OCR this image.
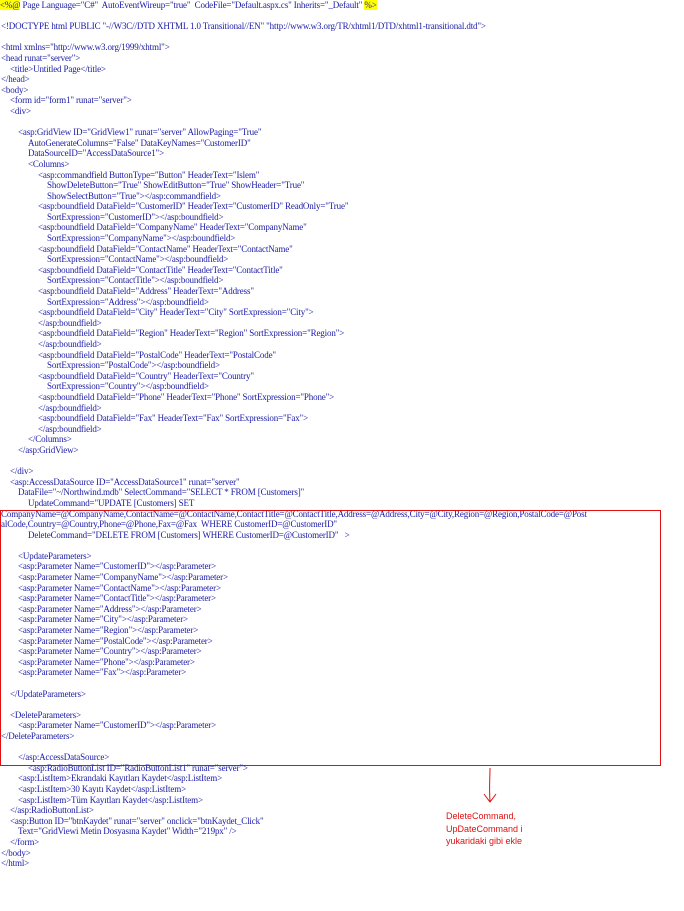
<%@ Page Language="C#"  AutoEventWireup="true"  CodeFile="Default.aspx.cs" Inherits="_Default" %>
<!DOCTYPE html PUBLIC "-//W3C//DTD XHTML 1.0 Transitional//EN" "http://www.w3.org/TR/xhtml1/DTD/xhtml1-transitional.dtd">
<html xmlns="http://www.w3.org/1999/xhtml">
<head runat="server">
<title>Untitled Page</title>
</head>
<body>
<form id="form1" runat="server">
<div>
<asp:GridView ID="GridView1" runat="server" AllowPaging="True"
AutoGenerateColumns="False" DataKeyNames="CustomerID"
DataSourceID="AccessDataSource1">
<Columns>
<asp:commandfield ButtonType="Button" HeaderText="Islem"
ShowDeleteButton="True" ShowEditButton="True" ShowHeader="True"
ShowSelectButton="True"></asp:commandfield>
<asp:boundfield DataField="CustomerID" HeaderText="CustomerID" ReadOnly="True"
SortExpression="CustomerID"></asp:boundfield>
<asp:boundfield DataField="CompanyName" HeaderText="CompanyName"
SortExpression="CompanyName"></asp:boundfield>
<asp:boundfield DataField="ContactName" HeaderText="ContactName"
SortExpression="ContactName"></asp:boundfield>
<asp:boundfield DataField="ContactTitle" HeaderText="ContactTitle"
SortExpression="ContactTitle"></asp:boundfield>
<asp:boundfield DataField="Address" HeaderText="Address"
SortExpression="Address"></asp:boundfield>
<asp:boundfield DataField="City" HeaderText="City" SortExpression="City">
</asp:boundfield>
<asp:boundfield DataField="Region" HeaderText="Region" SortExpression="Region">
</asp:boundfield>
<asp:boundfield DataField="PostalCode" HeaderText="PostalCode"
SortExpression="PostalCode"></asp:boundfield>
<asp:boundfield DataField="Country" HeaderText="Country"
SortExpression="Country"></asp:boundfield>
<asp:boundfield DataField="Phone" HeaderText="Phone" SortExpression="Phone">
</asp:boundfield>
<asp:boundfield DataField="Fax" HeaderText="Fax" SortExpression="Fax">
</asp:boundfield>
</Columns>
</asp:GridView>
</div>
<asp:AccessDataSource ID="AccessDataSource1" runat="server"
DataFile="~/Northwind.mdb" SelectCommand="SELECT * FROM [Customers]"
UpdateCommand="UPDATE [Customers] SET
CompanyName=@CompanyName,ContactName=@ContactName,ContactTitle=@ContactTitle,Address=@Address,City=@City,Region=@Region,PostalCode=@Post
alCode,Country=@Country,Phone=@Phone,Fax=@Fax  WHERE CustomerID=@CustomerID"
DeleteCommand="DELETE FROM [Customers] WHERE CustomerID=@CustomerID"   >
<UpdateParameters>
<asp:Parameter Name="CustomerID"></asp:Parameter>
<asp:Parameter Name="CompanyName"></asp:Parameter>
<asp:Parameter Name="ContactName"></asp:Parameter>
<asp:Parameter Name="ContactTitle"></asp:Parameter>
<asp:Parameter Name="Address"></asp:Parameter>
<asp:Parameter Name="City"></asp:Parameter>
<asp:Parameter Name="Region"></asp:Parameter>
<asp:Parameter Name="PostalCode"></asp:Parameter>
<asp:Parameter Name="Country"></asp:Parameter>
<asp:Parameter Name="Phone"></asp:Parameter>
<asp:Parameter Name="Fax"></asp:Parameter>
</UpdateParameters>
<DeleteParameters>
<asp:Parameter Name="CustomerID"></asp:Parameter>
</DeleteParameters>
</asp:AccessDataSource>
<asp:RadioButtonList ID="RadioButtonList1" runat="server">
<asp:ListItem>Ekrandaki Kayıtları Kaydet</asp:ListItem>
<asp:ListItem>30 Kayıtı Kaydet</asp:ListItem>
<asp:ListItem>Tüm Kayıtları Kaydet</asp:ListItem>
</asp:RadioButtonList>
<asp:Button ID="btnKaydet" runat="server" onclick="btnKaydet_Click"
Text="GridViewi Metin Dosyasına Kaydet" Width="219px" />
</form>
</body>
</html>
DeleteCommand,
UpDateCommand i
yukaridaki gibi ekle
